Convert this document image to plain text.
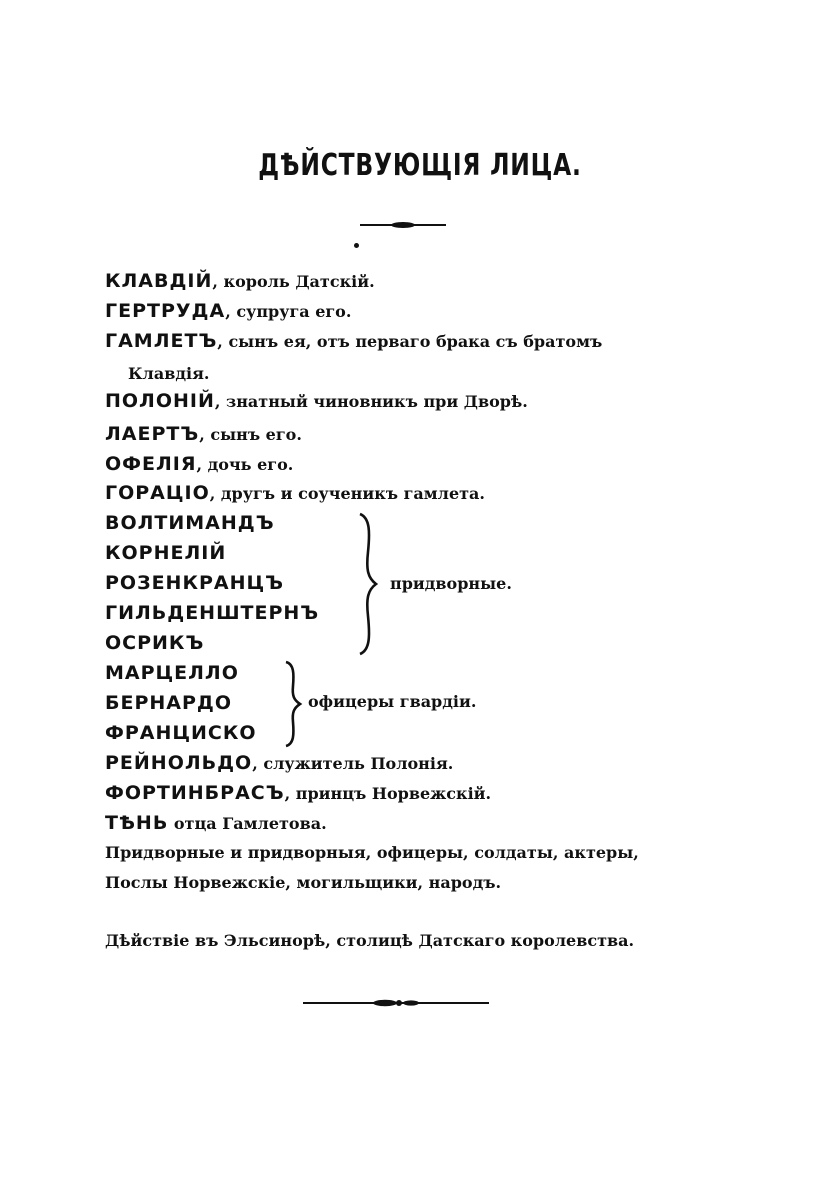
ДѢЙСТВУЮЩІЯ ЛИЦА.
КЛАВДІЙ, король Датскій.
ГЕРТРУДА, супруга его.
ГАМЛЕТЪ, сынъ ея, отъ перваго брака съ братомъ
Клавдія.
ПОЛОНІЙ, знатный чиновникъ при Дворѣ.
ЛАЕРТЪ, сынъ его.
ОФЕЛІЯ, дочь его.
ГОРАЦІО, другъ и соученикъ гамлета.
ВОЛТИМАНДЪ
КОРНЕЛІЙ
РОЗЕНКРАНЦЪ
ГИЛЬДЕНШТЕРНЪ
ОСРИКЪ
придворные.
МАРЦЕЛЛО
БЕРНАРДО
ФРАНЦИСКО
офицеры гвардіи.
РЕЙНОЛЬДО, служитель Полонія.
ФОРТИНБРАСЪ, принцъ Норвежскій.
ТѢНЬ отца Гамлетова.
Придворные и придворныя, офицеры, солдаты, актеры,
Послы Норвежскіе, могильщики, народъ.
Дѣйствіе въ Эльсинорѣ, столицѣ Датскаго королевства.
